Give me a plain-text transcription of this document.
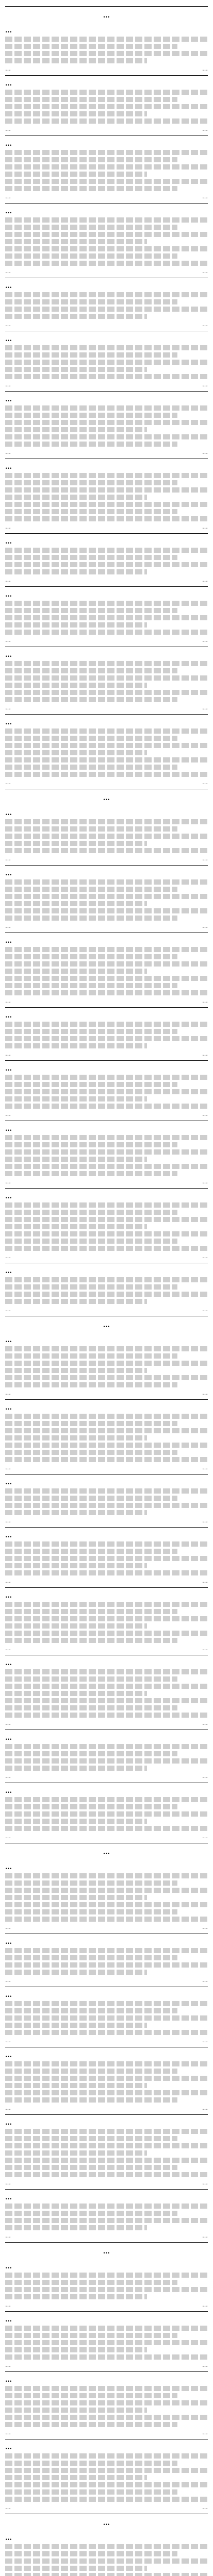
…
…
…	…
…
…	…
…
…	…
…
…	…
…
…	…
…
…	…
…
…	…
…
…	…
…
…	…
…
…	…
…
…	…
…
…	…
…
…
…	…
…
…	…
…
…	…
…
…	…
…
…	…
…
…	…
…
…	…
…
…	…
…
…
…	…
…
…	…
…
…	…
…
…	…
…
…	…
…
…	…
…
…	…
…
…	…
…
…
…	…
…
…	…
…
…	…
…
…	…
…
…	…
…
…	…
…
…
…	…
…
…	…
…
…	…
…
…	…
…
…
